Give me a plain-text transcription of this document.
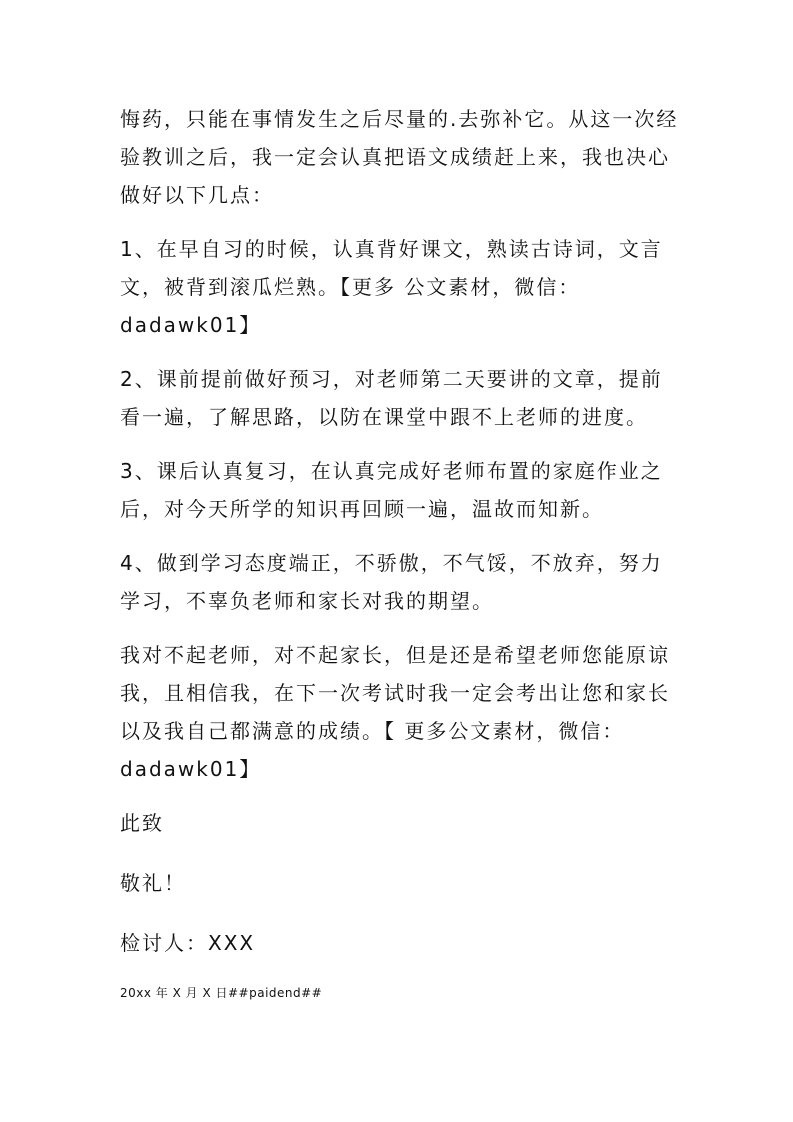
悔药，只能在事情发生之后尽量的.去弥补它。从这一次经验教训之后，我一定会认真把语文成绩赶上来，我也决心做好以下几点：

1、在早自习的时候，认真背好课文，熟读古诗词，文言文，被背到滚瓜烂熟。【更多 公文素材，微信：dadawk01】

2、课前提前做好预习，对老师第二天要讲的文章，提前看一遍，了解思路，以防在课堂中跟不上老师的进度。

3、课后认真复习，在认真完成好老师布置的家庭作业之后，对今天所学的知识再回顾一遍，温故而知新。

4、做到学习态度端正，不骄傲，不气馁，不放弃，努力学习，不辜负老师和家长对我的期望。

我对不起老师，对不起家长，但是还是希望老师您能原谅我，且相信我，在下一次考试时我一定会考出让您和家长以及我自己都满意的成绩。【 更多公文素材，微信：dadawk01】

此致

敬礼！

检讨人：XXX

20xx 年 X 月 X 日##paidend##
